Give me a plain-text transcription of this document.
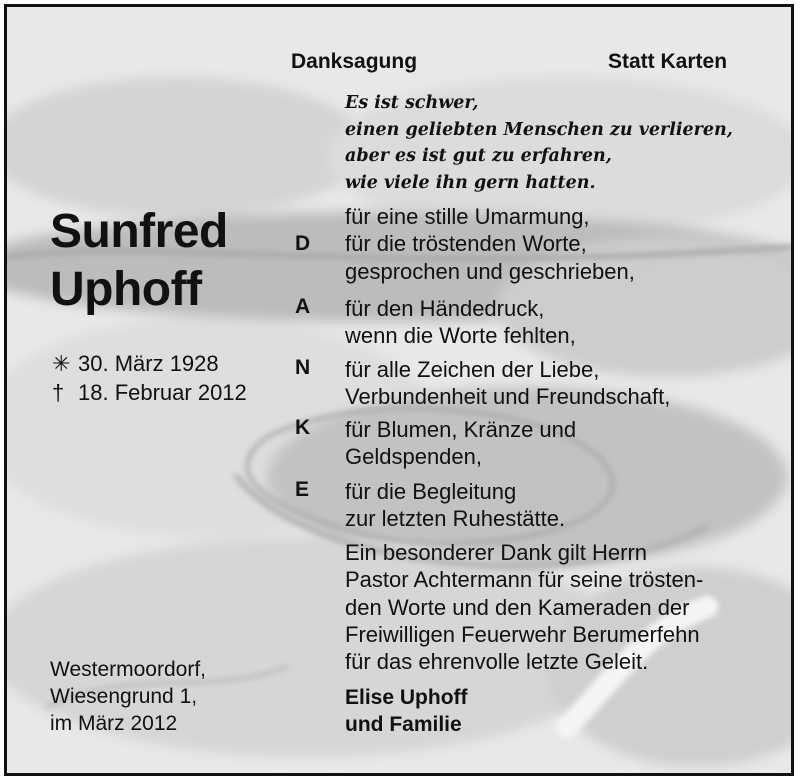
Danksagung	Statt Karten
Es ist schwer,
einen geliebten Menschen zu verlieren,
aber es ist gut zu erfahren,
wie viele ihn gern hatten.
Sunfred
Uphoff
✳ 30. März 1928
† 18. Februar 2012
D
A
N
K
E
für eine stille Umarmung,
für die tröstenden Worte,
gesprochen und geschrieben,
für den Händedruck,
wenn die Worte fehlten,
für alle Zeichen der Liebe,
Verbundenheit und Freundschaft,
für Blumen, Kränze und
Geldspenden,
für die Begleitung
zur letzten Ruhestätte.
Ein besonderer Dank gilt Herrn
Pastor Achtermann für seine trösten-
den Worte und den Kameraden der
Freiwilligen Feuerwehr Berumerfehn
für das ehrenvolle letzte Geleit.
Westermoordorf,
Wiesengrund 1,
im März 2012
Elise Uphoff
und Familie
